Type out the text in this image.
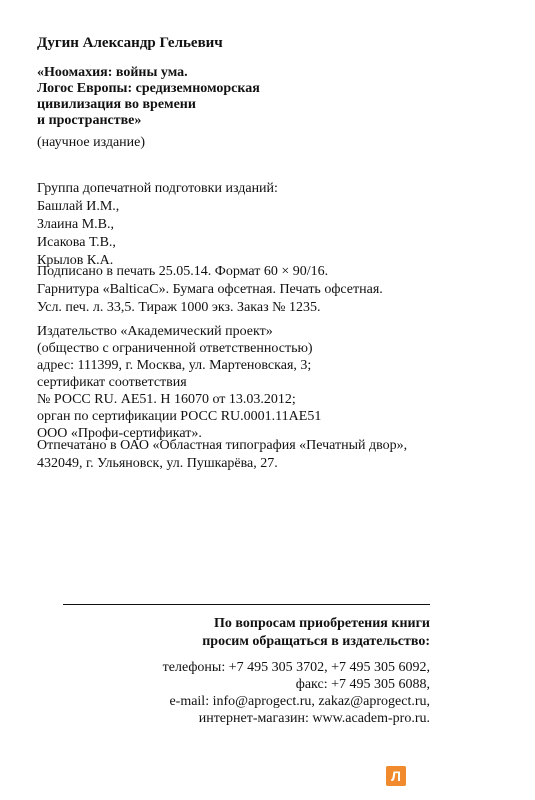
Дугин Александр Гельевич
«Ноомахия: войны ума.
Логос Европы: средиземноморская
цивилизация во времени
и пространстве»
(научное издание)
Группа допечатной подготовки изданий:
Башлай И.М.,
Злаина М.В.,
Исакова Т.В.,
Крылов К.А.
Подписано в печать 25.05.14. Формат 60 × 90/16.
Гарнитура «BalticaC». Бумага офсетная. Печать офсетная.
Усл. печ. л. 33,5. Тираж 1000 экз. Заказ № 1235.
Издательство «Академический проект»
(общество с ограниченной ответственностью)
адрес: 111399, г. Москва, ул. Мартеновская, 3;
сертификат соответствия
№ РОСС RU. АЕ51. Н 16070 от 13.03.2012;
орган по сертификации РОСС RU.0001.11АЕ51
ООО «Профи-сертификат».
Отпечатано в ОАО «Областная типография «Печатный двор»,
432049, г. Ульяновск, ул. Пушкарёва, 27.
По вопросам приобретения книги
просим обращаться в издательство:
телефоны: +7 495 305 3702, +7 495 305 6092,
факс: +7 495 305 6088,
e-mail: info@aprogect.ru, zakaz@aprogect.ru,
интернет-магазин: www.academ-pro.ru.
Л
